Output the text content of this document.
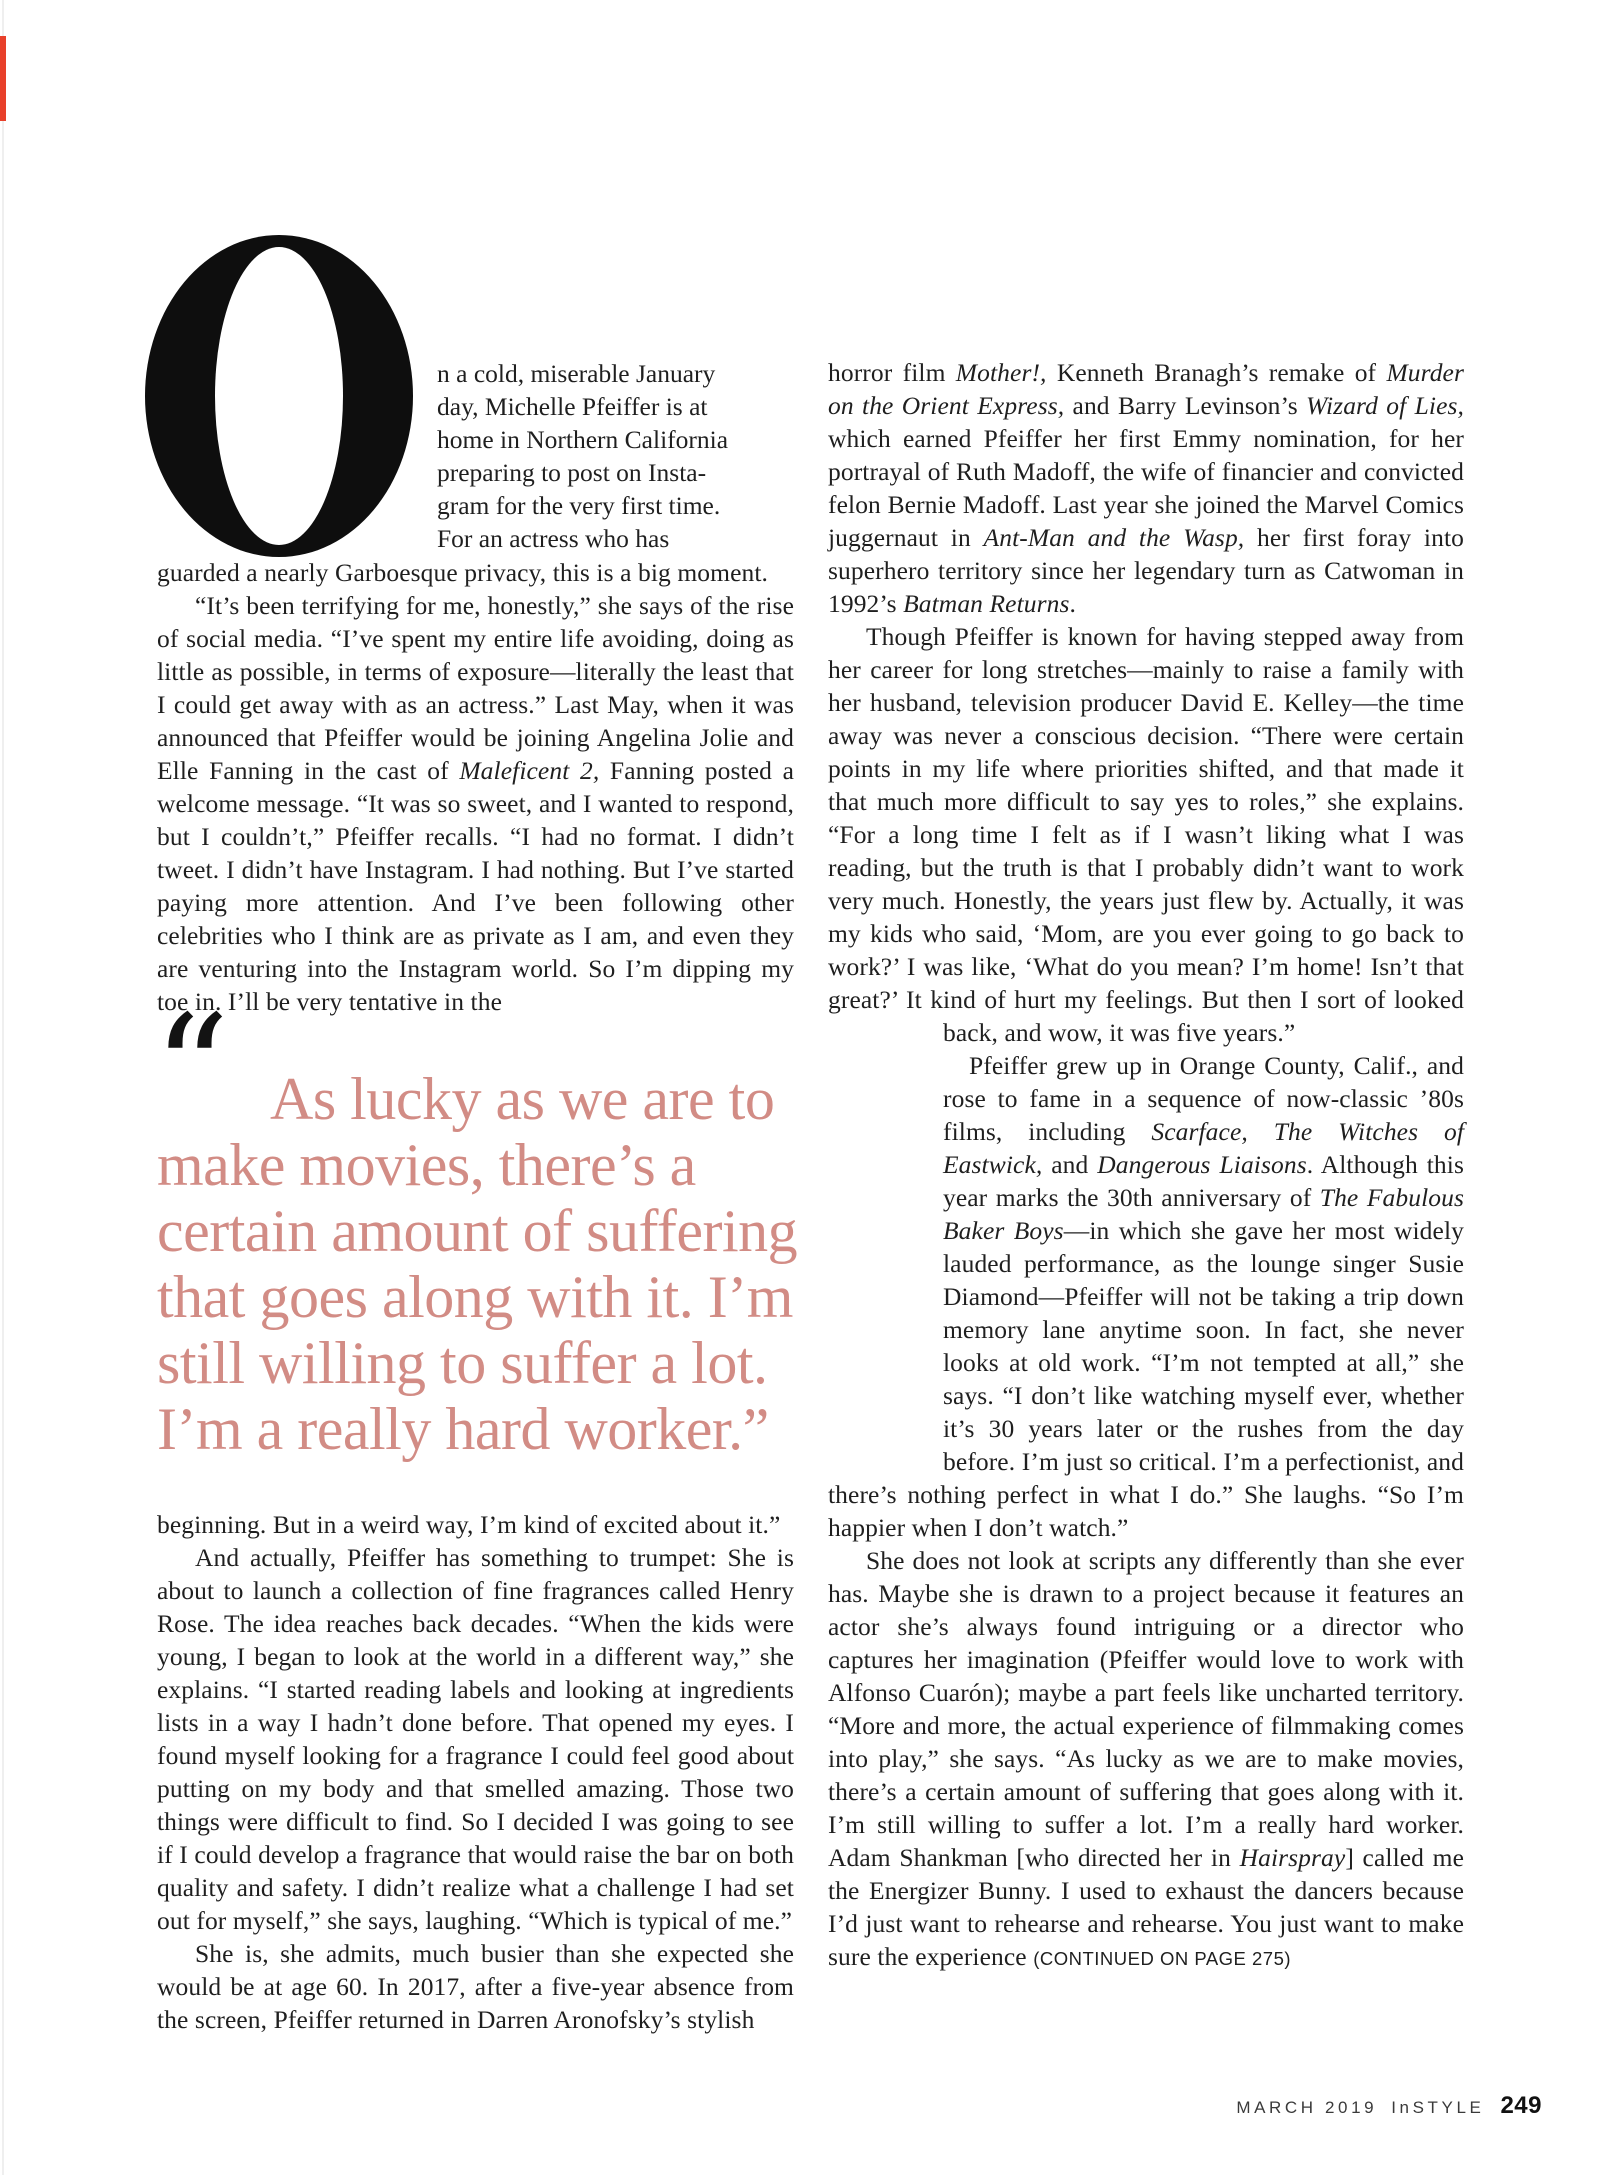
n a cold, miserable January
day, Michelle Pfeiffer is at
home in Northern California
preparing to post on Insta-
gram for the very first time.
For an actress who has

guarded a nearly Garboesque privacy, this is a big moment.

“It’s been terrifying for me, honestly,” she says of the rise of social media. “I’ve spent my entire life avoiding, doing as little as possible, in terms of exposure—literally the least that I could get away with as an actress.” Last May, when it was announced that Pfeiffer would be joining Angelina Jolie and Elle Fanning in the cast of Maleficent 2, Fanning posted a welcome message. “It was so sweet, and I wanted to respond, but I couldn’t,” Pfeiffer recalls. “I had no format. I didn’t tweet. I didn’t have Instagram. I had nothing. But I’ve started paying more attention. And I’ve been following other celebrities who I think are as private as I am, and even they are venturing into the Instagram world. So I’m dipping my toe in. I’ll be very tentative in the

“ As lucky as we are to
make movies, there’s a
certain amount of suffering
that goes along with it. I’m
still willing to suffer a lot.
I’m a really hard worker.”

beginning. But in a weird way, I’m kind of excited about it.”

And actually, Pfeiffer has something to trumpet: She is about to launch a collection of fine fragrances called Henry Rose. The idea reaches back decades. “When the kids were young, I began to look at the world in a different way,” she explains. “I started reading labels and looking at ingredients lists in a way I hadn’t done before. That opened my eyes. I found myself looking for a fragrance I could feel good about putting on my body and that smelled amazing. Those two things were difficult to find. So I decided I was going to see if I could develop a fragrance that would raise the bar on both quality and safety. I didn’t realize what a challenge I had set out for myself,” she says, laughing. “Which is typical of me.”

She is, she admits, much busier than she expected she would be at age 60. In 2017, after a five-year absence from the screen, Pfeiffer returned in Darren Aronofsky’s stylish

horror film Mother!, Kenneth Branagh’s remake of Murder on the Orient Express, and Barry Levinson’s Wizard of Lies, which earned Pfeiffer her first Emmy nomination, for her portrayal of Ruth Madoff, the wife of financier and convicted felon Bernie Madoff. Last year she joined the Marvel Comics juggernaut in Ant-Man and the Wasp, her first foray into superhero territory since her legendary turn as Catwoman in 1992’s Batman Returns.

Though Pfeiffer is known for having stepped away from her career for long stretches—mainly to raise a family with her husband, television producer David E. Kelley—the time away was never a conscious decision. “There were certain points in my life where priorities shifted, and that made it that much more difficult to say yes to roles,” she explains. “For a long time I felt as if I wasn’t liking what I was reading, but the truth is that I probably didn’t want to work very much. Honestly, the years just flew by. Actually, it was my kids who said, ‘Mom, are you ever going to go back to work?’ I was like, ‘What do you mean? I’m home! Isn’t that great?’ It kind of hurt my feelings. But then I sort of looked
back, and wow, it was five years.”

Pfeiffer grew up in Orange County, Calif., and rose to fame in a sequence of now-classic ’80s films, including Scarface, The Witches of Eastwick, and Dangerous Liaisons. Although this year marks the 30th anniversary of The Fabulous Baker Boys—in which she gave her most widely lauded performance, as the lounge singer Susie Diamond—Pfeiffer will not be taking a trip down memory lane anytime soon. In fact, she never looks at old work. “I’m not tempted at all,” she says. “I don’t like watching myself ever, whether it’s 30 years later or the rushes from the day before. I’m just so critical. I’m a perfectionist, and there’s nothing perfect in what I do.” She laughs. “So I’m happier when I don’t watch.”

She does not look at scripts any differently than she ever has. Maybe she is drawn to a project because it features an actor she’s always found intriguing or a director who captures her imagination (Pfeiffer would love to work with Alfonso Cuarón); maybe a part feels like uncharted territory. “More and more, the actual experience of filmmaking comes into play,” she says. “As lucky as we are to make movies, there’s a certain amount of suffering that goes along with it. I’m still willing to suffer a lot. I’m a really hard worker. Adam Shankman [who directed her in Hairspray] called me the Energizer Bunny. I used to exhaust the dancers because I’d just want to rehearse and rehearse. You just want to make sure the experience (CONTINUED ON PAGE 275)

MARCH 2019 InSTYLE 249
